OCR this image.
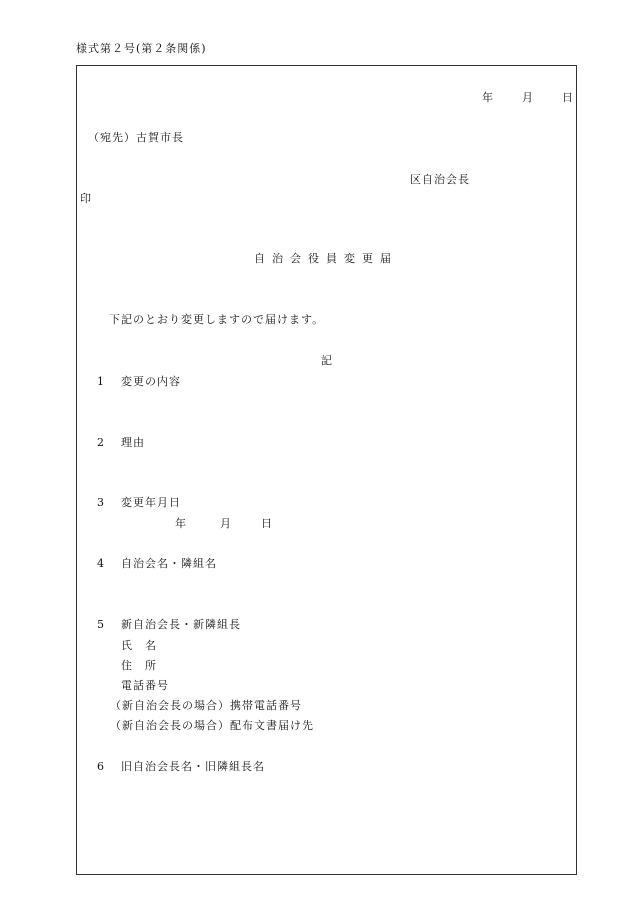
様式第２号(第２条関係)
年	月	日
（宛先）古賀市長
区自治会長
印
自治会役員変更届
下記のとおり変更しますので届けます。
記
1 変更の内容
2 理由
3 変更年月日
年	月	日
4 自治会名・隣組名
5 新自治会長・新隣組長
氏　名
住　所
電話番号
（新自治会長の場合）携帯電話番号
（新自治会長の場合）配布文書届け先
6 旧自治会長名・旧隣組長名
